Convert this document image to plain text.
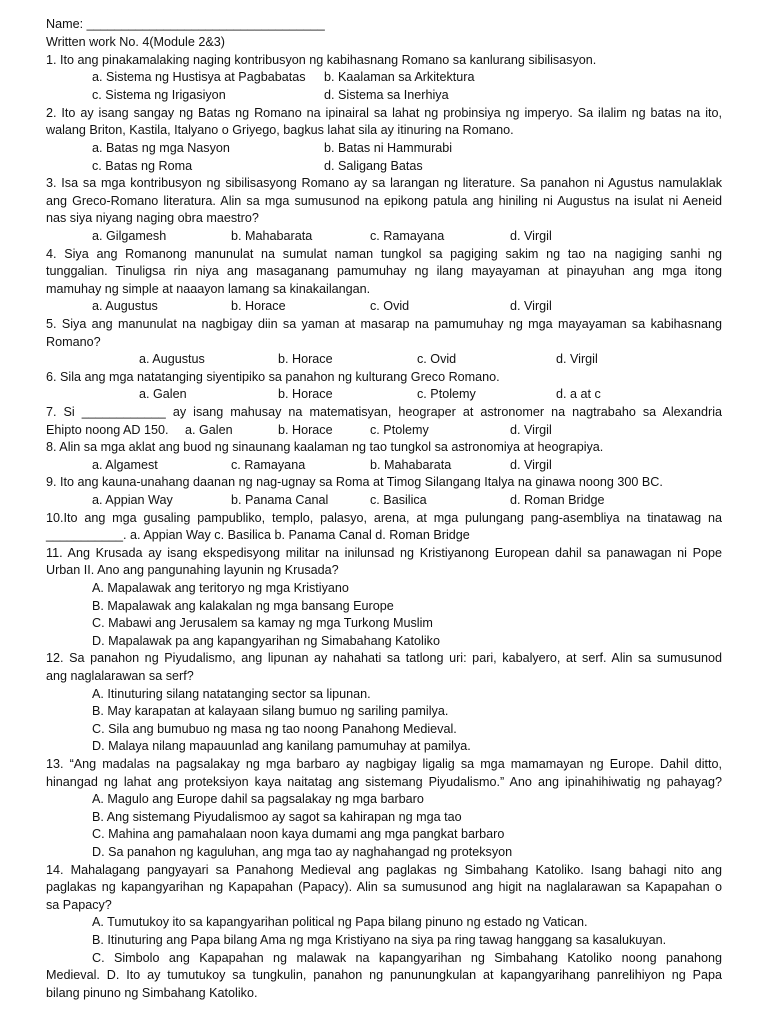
Name: __________________________________
Written work No. 4(Module 2&3)
1. Ito ang pinakamalaking naging kontribusyon ng kabihasnang Romano sa kanlurang sibilisasyon.
a. Sistema ng Hustisya at Pagbabatas b. Kaalaman sa Arkitektura
c. Sistema ng Irigasiyon	d. Sistema sa Inerhiya
2. Ito ay isang sangay ng Batas ng Romano na ipinairal sa lahat ng probinsiya ng imperyo. Sa ilalim ng batas na ito,
walang Briton, Kastila, Italyano o Griyego, bagkus lahat sila ay itinuring na Romano.
a. Batas ng mga Nasyon	b. Batas ni Hammurabi
c. Batas ng Roma	d. Saligang Batas
3. Isa sa mga kontribusyon ng sibilisasyong Romano ay sa larangan ng literature. Sa panahon ni Agustus namulaklak
ang Greco-Romano literatura. Alin sa mga sumusunod na epikong patula ang hiniling ni Augustus na isulat ni Aeneid
nas siya niyang naging obra maestro?
a. Gilgamesh	b. Mahabarata	c. Ramayana	d. Virgil
4. Siya ang Romanong manunulat na sumulat naman tungkol sa pagiging sakim ng tao na nagiging sanhi ng
tunggalian. Tinuligsa rin niya ang masaganang pamumuhay ng ilang mayayaman at pinayuhan ang mga itong
mamuhay ng simple at naaayon lamang sa kinakailangan.
a. Augustus	b. Horace	c. Ovid	d. Virgil
5. Siya ang manunulat na nagbigay diin sa yaman at masarap na pamumuhay ng mga mayayaman sa kabihasnang
Romano?
a. Augustus	b. Horace	c. Ovid	d. Virgil
6. Sila ang mga natatanging siyentipiko sa panahon ng kulturang Greco Romano.
a. Galen	b. Horace	c. Ptolemy	d. a at c
7. Si ____________ ay isang mahusay na matematisyan, heograper at astronomer na nagtrabaho sa Alexandria
Ehipto noong AD 150. a. Galen	b. Horace	c. Ptolemy	d. Virgil
8. Alin sa mga aklat ang buod ng sinaunang kaalaman ng tao tungkol sa astronomiya at heograpiya.
a. Algamest	c. Ramayana	b. Mahabarata	d. Virgil
9. Ito ang kauna-unahang daanan ng nag-ugnay sa Roma at Timog Silangang Italya na ginawa noong 300 BC.
a. Appian Way	b. Panama Canal	c. Basilica	d. Roman Bridge
10.Ito ang mga gusaling pampubliko, templo, palasyo, arena, at mga pulungang pang-asembliya na tinatawag na
___________. a. Appian Way c. Basilica b. Panama Canal d. Roman Bridge
11. Ang Krusada ay isang ekspedisyong militar na inilunsad ng Kristiyanong European dahil sa panawagan ni Pope
Urban II. Ano ang pangunahing layunin ng Krusada?
A. Mapalawak ang teritoryo ng mga Kristiyano
B. Mapalawak ang kalakalan ng mga bansang Europe
C. Mabawi ang Jerusalem sa kamay ng mga Turkong Muslim
D. Mapalawak pa ang kapangyarihan ng Simabahang Katoliko
12. Sa panahon ng Piyudalismo, ang lipunan ay nahahati sa tatlong uri: pari, kabalyero, at serf. Alin sa sumusunod
ang naglalarawan sa serf?
A. Itinuturing silang natatanging sector sa lipunan.
B. May karapatan at kalayaan silang bumuo ng sariling pamilya.
C. Sila ang bumubuo ng masa ng tao noong Panahong Medieval.
D. Malaya nilang mapauunlad ang kanilang pamumuhay at pamilya.
13. “Ang madalas na pagsalakay ng mga barbaro ay nagbigay ligalig sa mga mamamayan ng Europe. Dahil ditto,
hinangad ng lahat ang proteksiyon kaya naitatag ang sistemang Piyudalismo.” Ano ang ipinahihiwatig ng pahayag?
A. Magulo ang Europe dahil sa pagsalakay ng mga barbaro
B. Ang sistemang Piyudalismoo ay sagot sa kahirapan ng mga tao
C. Mahina ang pamahalaan noon kaya dumami ang mga pangkat barbaro
D. Sa panahon ng kaguluhan, ang mga tao ay naghahangad ng proteksyon
14. Mahalagang pangyayari sa Panahong Medieval ang paglakas ng Simbahang Katoliko. Isang bahagi nito ang
paglakas ng kapangyarihan ng Kapapahan (Papacy). Alin sa sumusunod ang higit na naglalarawan sa Kapapahan o
sa Papacy?
A. Tumutukoy ito sa kapangyarihan political ng Papa bilang pinuno ng estado ng Vatican.
B. Itinuturing ang Papa bilang Ama ng mga Kristiyano na siya pa ring tawag hanggang sa kasalukuyan.
C. Simbolo ang Kapapahan ng malawak na kapangyarihan ng Simbahang Katoliko noong panahong
Medieval. D. Ito ay tumutukoy sa tungkulin, panahon ng panunungkulan at kapangyarihang panrelihiyon ng Papa
bilang pinuno ng Simbahang Katoliko.
